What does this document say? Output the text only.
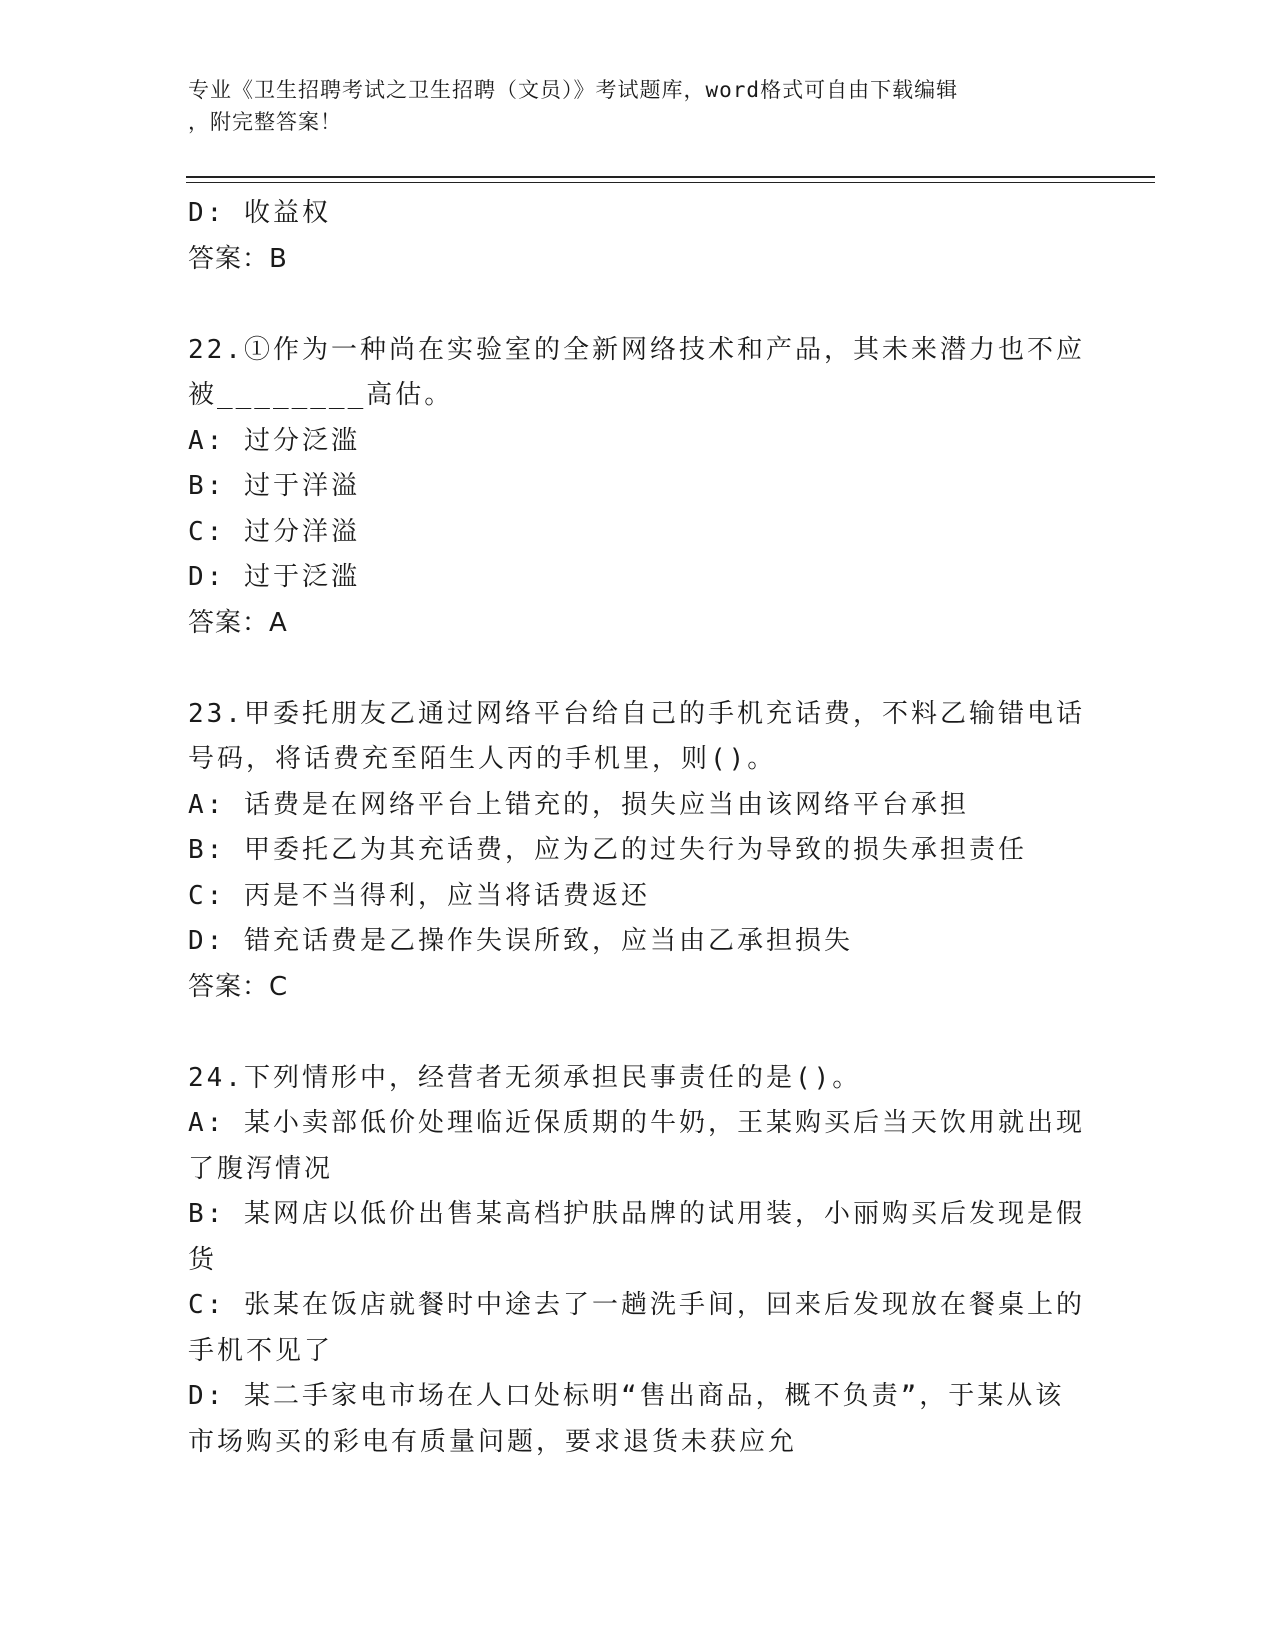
专业《卫生招聘考试之卫生招聘（文员）》考试题库，word格式可自由下载编辑
，附完整答案！

D: 收益权

答案：B

22.①作为一种尚在实验室的全新网络技术和产品，其未来潜力也不应

被________高估。

A: 过分泛滥

B: 过于洋溢

C: 过分洋溢

D: 过于泛滥

答案：A

23.甲委托朋友乙通过网络平台给自己的手机充话费，不料乙输错电话

号码，将话费充至陌生人丙的手机里，则()。

A: 话费是在网络平台上错充的，损失应当由该网络平台承担

B: 甲委托乙为其充话费，应为乙的过失行为导致的损失承担责任

C: 丙是不当得利，应当将话费返还

D: 错充话费是乙操作失误所致，应当由乙承担损失

答案：C

24.下列情形中，经营者无须承担民事责任的是()。

A: 某小卖部低价处理临近保质期的牛奶，王某购买后当天饮用就出现

了腹泻情况

B: 某网店以低价出售某高档护肤品牌的试用装，小丽购买后发现是假

货

C: 张某在饭店就餐时中途去了一趟洗手间，回来后发现放在餐桌上的

手机不见了

D: 某二手家电市场在人口处标明“售出商品，概不负责”，于某从该

市场购买的彩电有质量问题，要求退货未获应允
